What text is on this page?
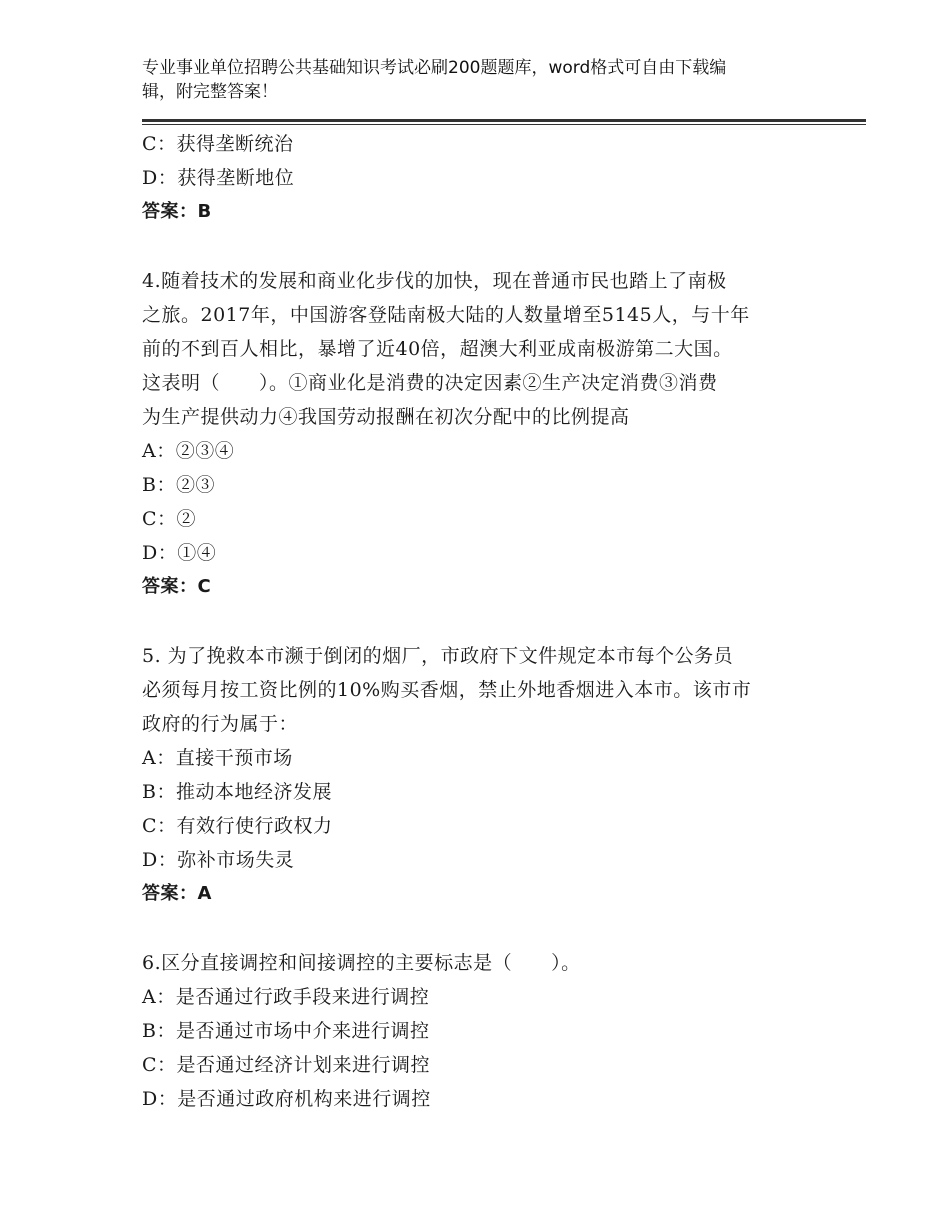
专业事业单位招聘公共基础知识考试必刷200题题库，word格式可自由下载编
辑，附完整答案！
C：获得垄断统治
D：获得垄断地位
答案：B
4.随着技术的发展和商业化步伐的加快，现在普通市民也踏上了南极
之旅。2017年，中国游客登陆南极大陆的人数量增至5145人，与十年
前的不到百人相比，暴增了近40倍，超澳大利亚成南极游第二大国。
这表明（　　）。①商业化是消费的决定因素②生产决定消费③消费
为生产提供动力④我国劳动报酬在初次分配中的比例提高
A：②③④
B：②③
C：②
D：①④
答案：C
5. 为了挽救本市濒于倒闭的烟厂，市政府下文件规定本市每个公务员
必须每月按工资比例的10%购买香烟，禁止外地香烟进入本市。该市市
政府的行为属于：
A：直接干预市场
B：推动本地经济发展
C：有效行使行政权力
D：弥补市场失灵
答案：A
6.区分直接调控和间接调控的主要标志是（　　）。
A：是否通过行政手段来进行调控
B：是否通过市场中介来进行调控
C：是否通过经济计划来进行调控
D：是否通过政府机构来进行调控
